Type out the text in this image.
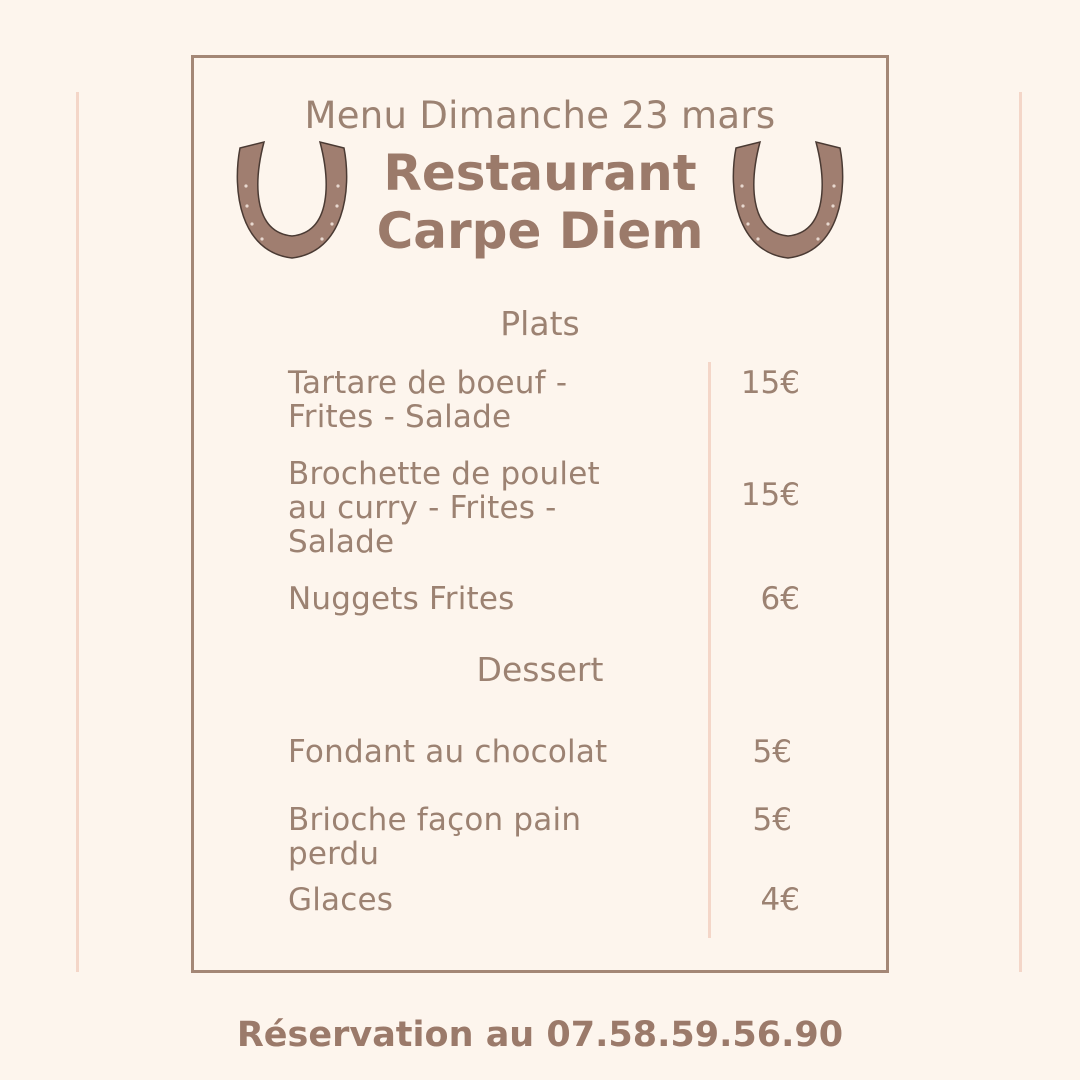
Menu Dimanche 23 mars
Restaurant
Carpe Diem
Plats
Tartare de boeuf -
Frites - Salade
15€
Brochette de poulet
au curry - Frites -
Salade
15€
Nuggets Frites	6€
Dessert
Fondant au chocolat	5€
Brioche façon pain
perdu
5€
Glaces	4€
Réservation au 07.58.59.56.90
